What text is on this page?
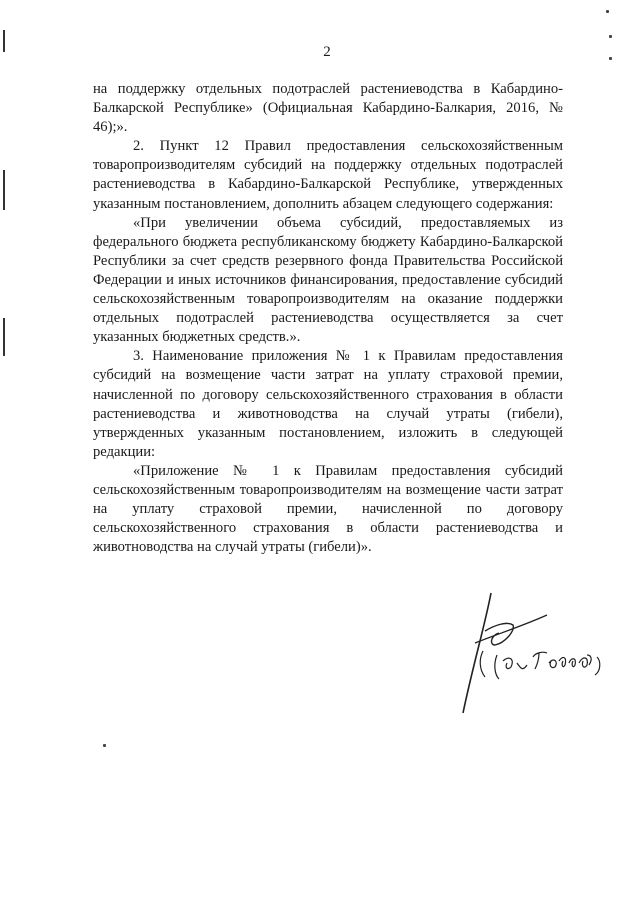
2

на поддержку отдельных подотраслей растениеводства в Кабардино-Балкарской Республике» (Официальная Кабардино-Балкария, 2016, № 46);».

2. Пункт 12 Правил предоставления сельскохозяйственным товаропроизводителям субсидий на поддержку отдельных подотраслей растениеводства в Кабардино-Балкарской Республике, утвержденных указанным постановлением, дополнить абзацем следующего содержания:

«При увеличении объема субсидий, предоставляемых из федерального бюджета республиканскому бюджету Кабардино-Балкарской Республики за счет средств резервного фонда Правительства Российской Федерации и иных источников финансирования, предоставление субсидий сельскохозяйственным товаропроизводителям на оказание поддержки отдельных подотраслей растениеводства осуществляется за счет указанных бюджетных средств.».

3. Наименование приложения № 1 к Правилам предоставления субсидий на возмещение части затрат на уплату страховой премии, начисленной по договору сельскохозяйственного страхования в области растениеводства и животноводства на случай утраты (гибели), утвержденных указанным постановлением, изложить в следующей редакции:

«Приложение № 1 к Правилам предоставления субсидий сельскохозяйственным товаропроизводителям на возмещение части затрат на уплату страховой премии, начисленной по договору сельскохозяйственного страхования в области растениеводства и животноводства на случай утраты (гибели)».
